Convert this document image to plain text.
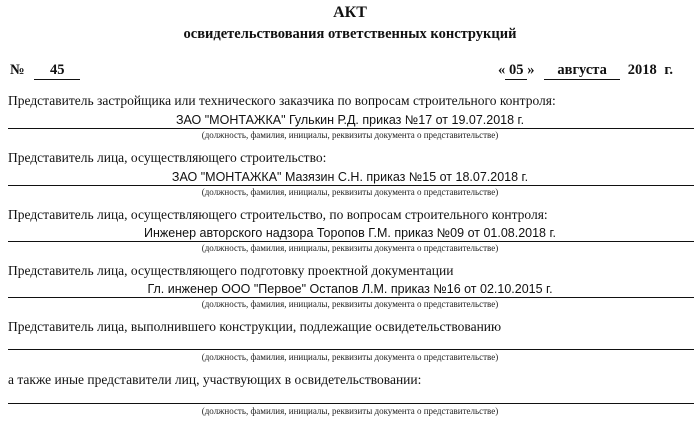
АКТ
освидетельствования ответственных конструкций
№ 45	« 05 » августа 2018 г.
Представитель застройщика или технического заказчика по вопросам строительного контроля:
ЗАО "МОНТАЖКА" Гулькин Р.Д. приказ №17 от 19.07.2018 г.
(должность, фамилия, инициалы, реквизиты документа о представительстве)
Представитель лица, осуществляющего строительство:
ЗАО "МОНТАЖКА" Мазязин С.Н. приказ №15 от 18.07.2018 г.
(должность, фамилия, инициалы, реквизиты документа о представительстве)
Представитель лица, осуществляющего строительство, по вопросам строительного контроля:
Инженер авторского надзора Торопов Г.М. приказ №09 от 01.08.2018 г.
(должность, фамилия, инициалы, реквизиты документа о представительстве)
Представитель лица, осуществляющего подготовку проектной документации
Гл. инженер ООО "Первое" Остапов Л.М. приказ №16 от 02.10.2015 г.
(должность, фамилия, инициалы, реквизиты документа о представительстве)
Представитель лица, выполнившего конструкции, подлежащие освидетельствованию
(должность, фамилия, инициалы, реквизиты документа о представительстве)
а также иные представители лиц, участвующих в освидетельствовании:
(должность, фамилия, инициалы, реквизиты документа о представительстве)
